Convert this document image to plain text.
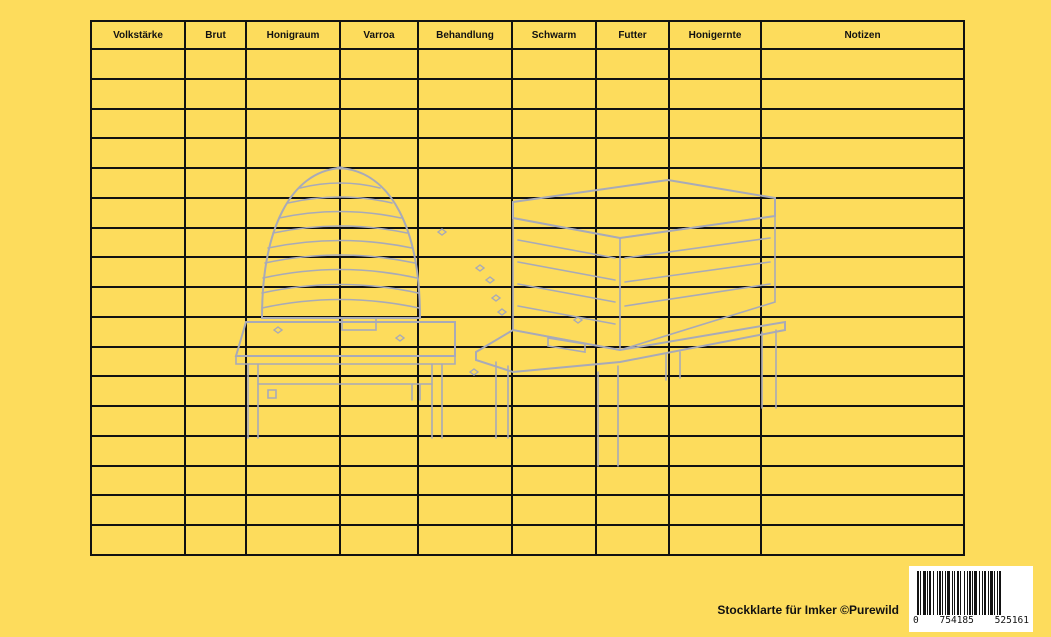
Volkstärke	Brut	Honigraum	Varroa	Behandlung	Schwarm	Futter	Honigernte	Notizen

Stockklarte für Imker ©Purewild
0 754185 525161
